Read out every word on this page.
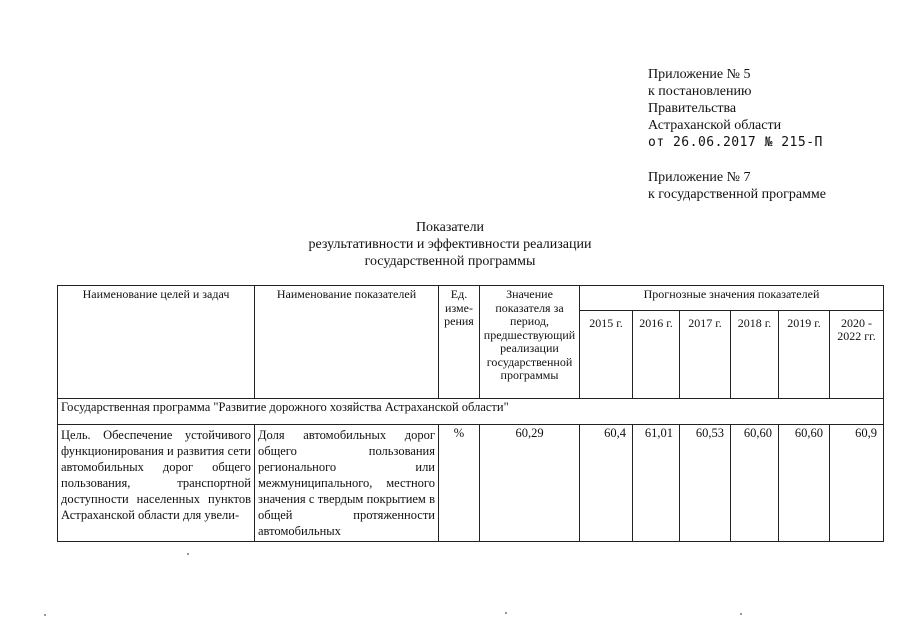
Приложение № 5
к постановлению
Правительства
Астраханской области
от 26.06.2017 № 215-П
Приложение № 7
к государственной программе
Показатели
результативности и эффективности реализации
государственной программы
Наименование целей и задач	Наименование показателей	Ед. изме-рения	Значение показателя за период, предшествующий реализации государственной программы	Прогнозные значения показателей					
				2015 г.	2016 г.	2017 г.	2018 г.	2019 г.	2020 - 2022 гг.
Государственная программа "Развитие дорожного хозяйства Астраханской области"									
Цель. Обеспечение устойчивого функционирования и развития сети автомобильных дорог общего пользования, транспортной доступности населенных пунктов Астраханской области для увели-	Доля автомобильных дорог общего пользования регионального или межмуниципального, местного значения с твердым покрытием в общей протяженности автомобильных	%	60,29	60,4	61,01	60,53	60,60	60,60	60,9
